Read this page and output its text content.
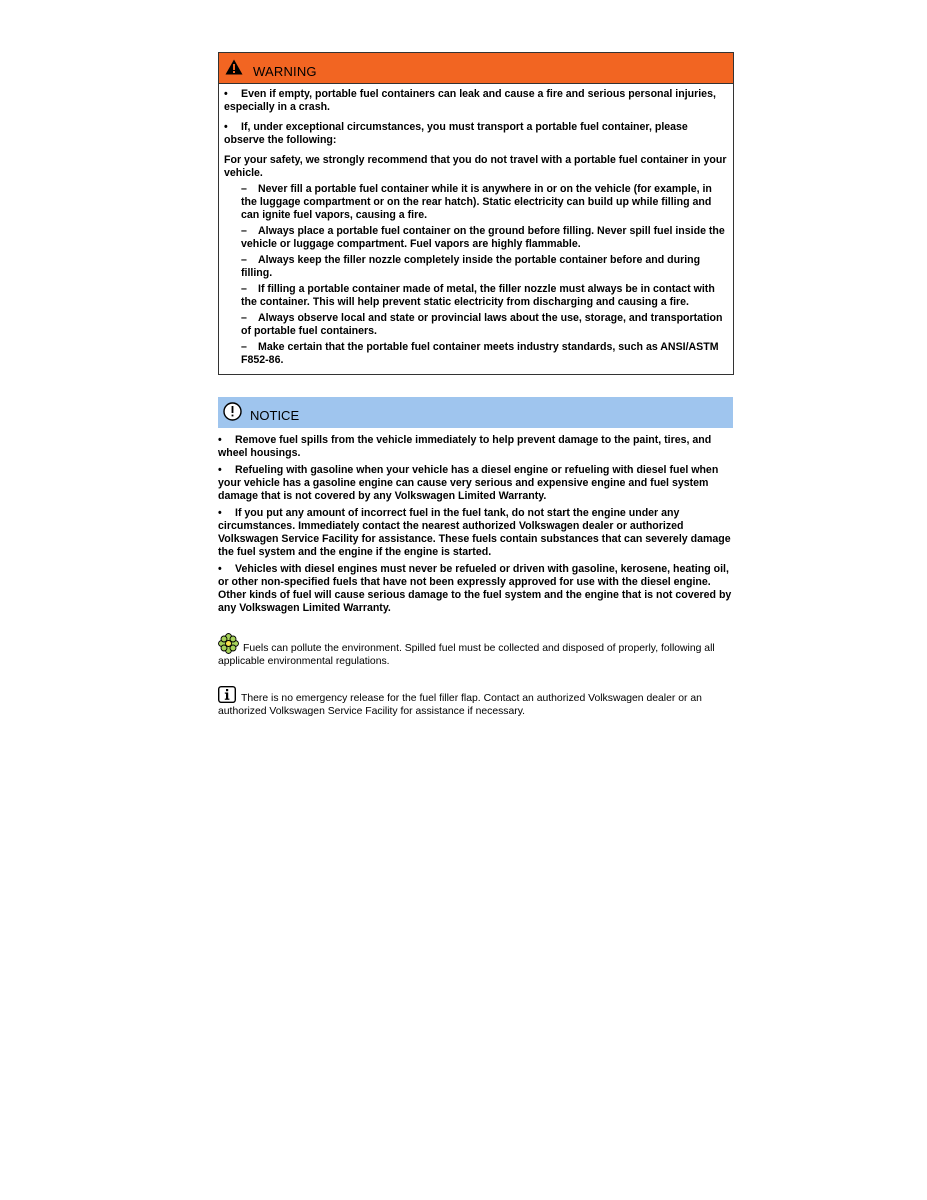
WARNING

• Even if empty, portable fuel containers can leak and cause a fire and serious personal injuries, especially in a crash.

• If, under exceptional circumstances, you must transport a portable fuel container, please observe the following:

For your safety, we strongly recommend that you do not travel with a portable fuel container in your vehicle.

– Never fill a portable fuel container while it is anywhere in or on the vehicle (for example, in the luggage compartment or on the rear hatch). Static electricity can build up while filling and can ignite fuel vapors, causing a fire.

– Always place a portable fuel container on the ground before filling. Never spill fuel inside the vehicle or luggage compartment. Fuel vapors are highly flammable.

– Always keep the filler nozzle completely inside the portable container before and during filling.

– If filling a portable container made of metal, the filler nozzle must always be in contact with the container. This will help prevent static electricity from discharging and causing a fire.

– Always observe local and state or provincial laws about the use, storage, and transportation of portable fuel containers.

– Make certain that the portable fuel container meets industry standards, such as ANSI/ASTM F852-86.

NOTICE

• Remove fuel spills from the vehicle immediately to help prevent damage to the paint, tires, and wheel housings.

• Refueling with gasoline when your vehicle has a diesel engine or refueling with diesel fuel when your vehicle has a gasoline engine can cause very serious and expensive engine and fuel system damage that is not covered by any Volkswagen Limited Warranty.

• If you put any amount of incorrect fuel in the fuel tank, do not start the engine under any circumstances. Immediately contact the nearest authorized Volkswagen dealer or authorized Volkswagen Service Facility for assistance. These fuels contain substances that can severely damage the fuel system and the engine if the engine is started.

• Vehicles with diesel engines must never be refueled or driven with gasoline, kerosene, heating oil, or other non-specified fuels that have not been expressly approved for use with the diesel engine. Other kinds of fuel will cause serious damage to the fuel system and the engine that is not covered by any Volkswagen Limited Warranty.

Fuels can pollute the environment. Spilled fuel must be collected and disposed of properly, following all applicable environmental regulations.
There is no emergency release for the fuel filler flap. Contact an authorized Volkswagen dealer or an authorized Volkswagen Service Facility for assistance if necessary.
